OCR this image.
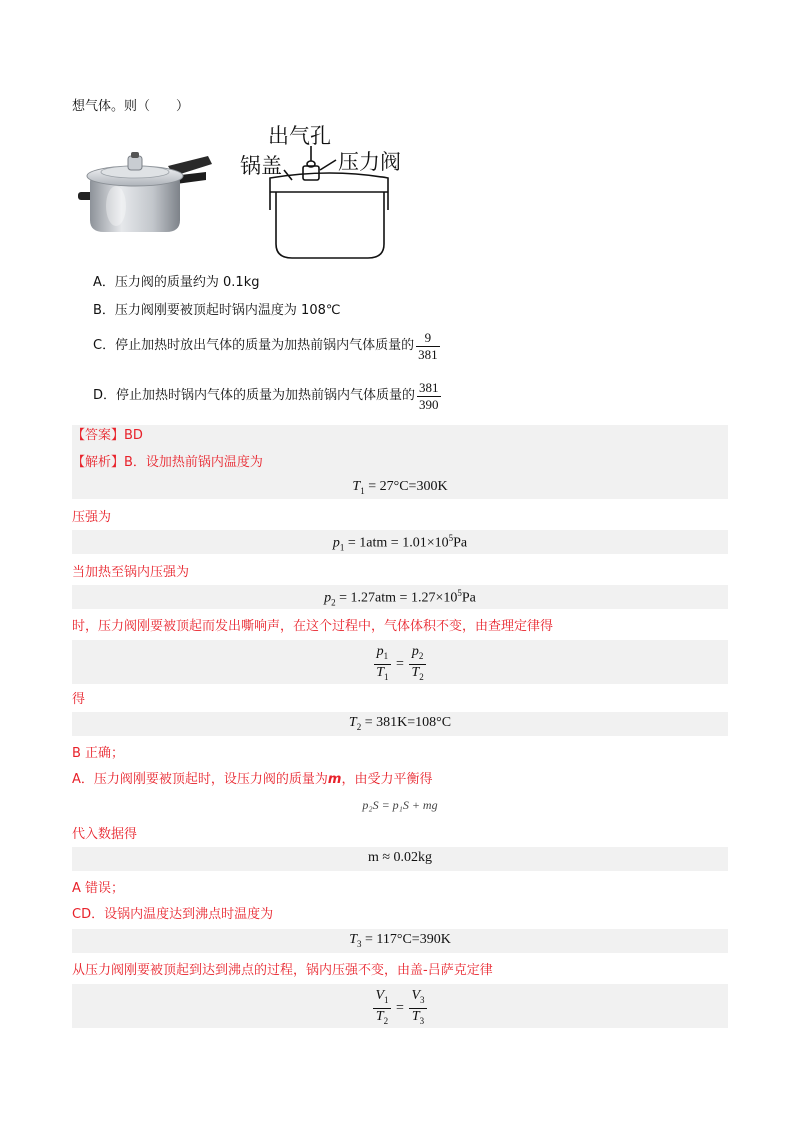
想气体。则（　　）
出气孔
锅盖	压力阀
A．压力阀的质量约为 0.1kg
B．压力阀刚要被顶起时锅内温度为 108℃
C．停止加热时放出气体的质量为加热前锅内气体质量的 $\frac{9}{381}$
D．停止加热时锅内气体的质量为加热前锅内气体质量的 $\frac{381}{390}$
【答案】BD
【解析】B．设加热前锅内温度为
$T_1 = 27^\circ C=300K$
压强为
$p_1 = 1atm = 1.01\times 10^5Pa$
当加热至锅内压强为
$p_2 = 1.27atm = 1.27\times 10^5Pa$
时，压力阀刚要被顶起而发出嘶响声，在这个过程中，气体体积不变，由查理定律得
$\frac{p_1}{T_1} = \frac{p_2}{T_2}$
得
$T_2 = 381K=108^\circ C$
B 正确；
A．压力阀刚要被顶起时，设压力阀的质量为m，由受力平衡得
p₂S = p₁S + mg
代入数据得
m ≈ 0.02kg
A 错误；
CD．设锅内温度达到沸点时温度为
$T_3 = 117^\circ C=390K$
从压力阀刚要被顶起到达到沸点的过程，锅内压强不变，由盖-吕萨克定律
$\frac{V_1}{T_2} = \frac{V_3}{T_3}$
